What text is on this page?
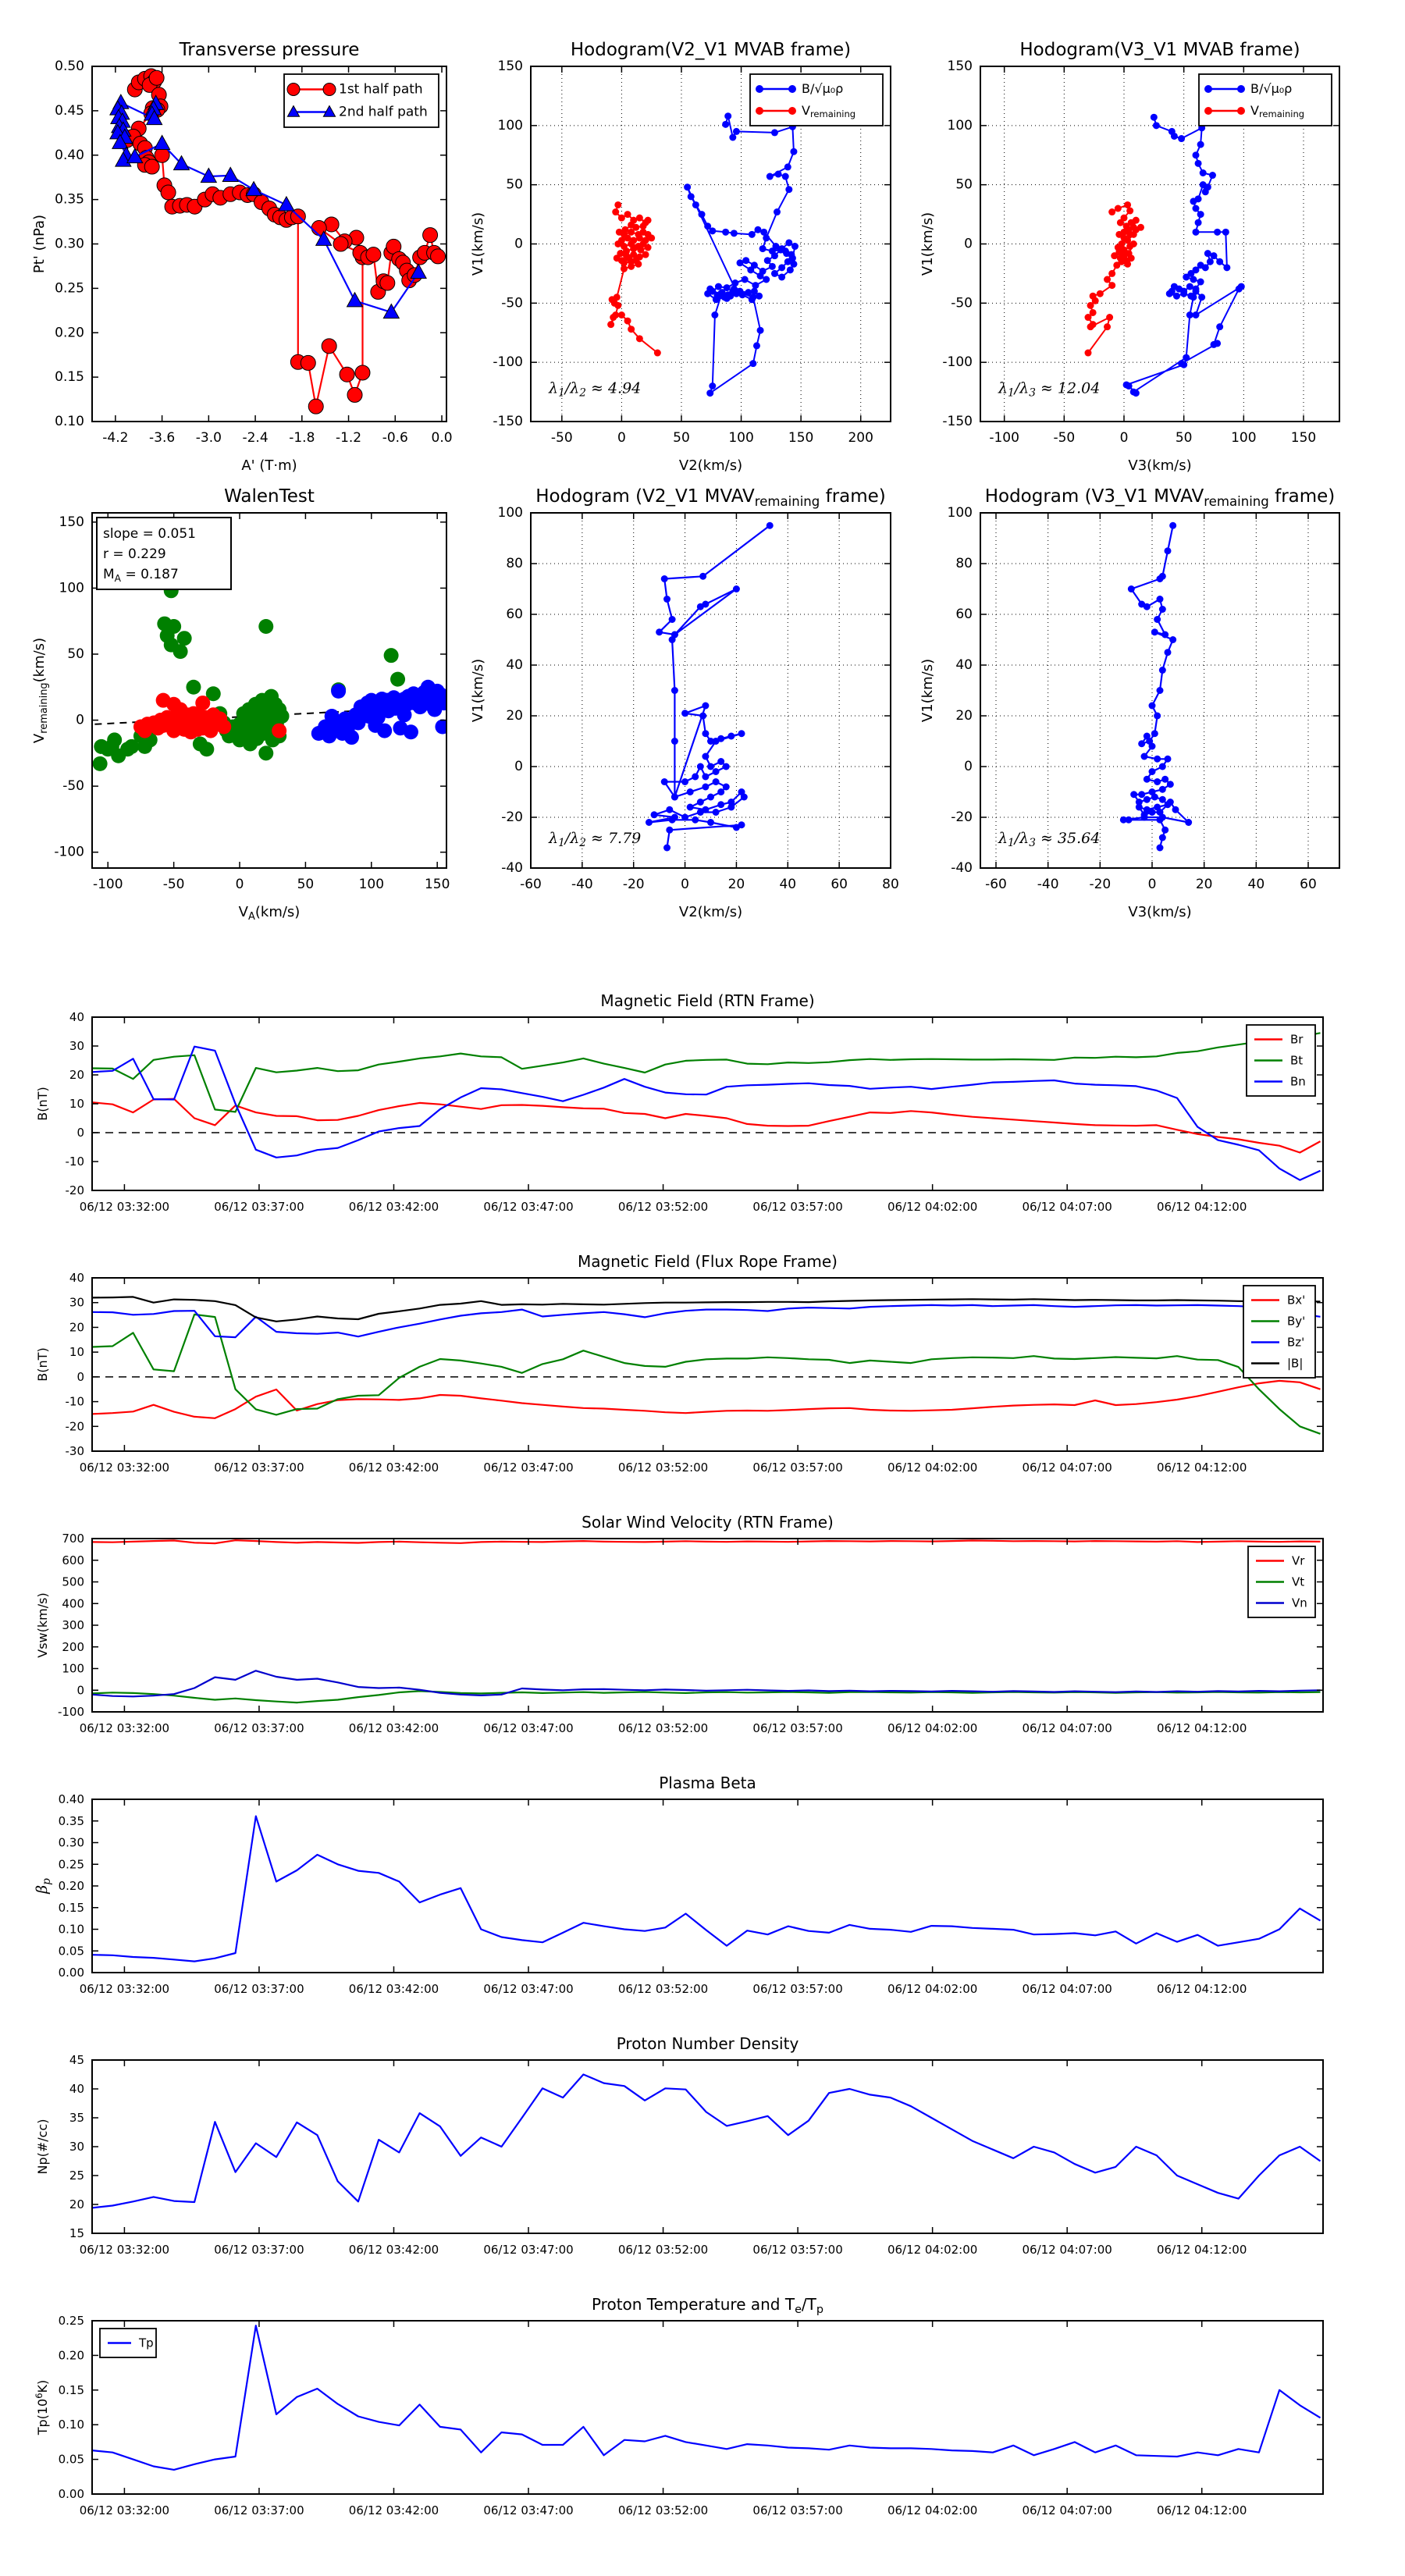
-4.2 -3.6 -3.0 -2.4 -1.8 -1.2 -0.6 0.0
0.10
0.15
0.20
0.25
0.30
0.35
0.40
0.45
0.50
Transverse pressure
A' (T·m)
Pt' (nPa)
1st half path
2nd half path
-50	0	50	100	150	200
-150
-100
-50
0
50
100
150
Hodogram(V2_V1 MVAB frame)
V2(km/s)
V1(km/s)
$\lambda_1/\lambda_2 \approx 4.94$
B/√μ₀ρ
$V_{remaining}$
-100	-50	0	50	100	150
-150
-100
-50
0
50
100
150
Hodogram(V3_V1 MVAB frame)
V3(km/s)
V1(km/s)
$\lambda_1/\lambda_3 \approx 12.04$
B/√μ₀ρ
$V_{remaining}$
-100	-50	0	50	100	150
-100
-50
0
50
100
150
WalenTest
$V_A(km/s)$
$V_{remaining}(km/s)$
slope = 0.051
r = 0.229
$M_A = 0.187$
-60 -40 -20	0	20	40	60	80
-40
-20
0
20
40
60
80
100
Hodogram (V2_V1 $MVAV_{remaining}$ frame)
V2(km/s)
V1(km/s)
$\lambda_1/\lambda_2 \approx 7.79$
-60 -40 -20	0	20	40	60
-40
-20
0
20
40
60
80
100
Hodogram (V3_V1 $MVAV_{remaining}$ frame)
V3(km/s)
V1(km/s)
$\lambda_1/\lambda_3 \approx 35.64$
06/12 03:32:00	06/12 03:37:00	06/12 03:42:00	06/12 03:47:00	06/12 03:52:00	06/12 03:57:00	06/12 04:02:00	06/12 04:07:00	06/12 04:12:00
-20
-10
0
10
20
30
40
Magnetic Field (RTN Frame)
B(nT)
Br
Bt
Bn
06/12 03:32:00	06/12 03:37:00	06/12 03:42:00	06/12 03:47:00	06/12 03:52:00	06/12 03:57:00	06/12 04:02:00	06/12 04:07:00	06/12 04:12:00
-30
-20
-10
0
10
20
30
40
Magnetic Field (Flux Rope Frame)
B(nT)
Bx'
By'
Bz'
|B|
06/12 03:32:00	06/12 03:37:00	06/12 03:42:00	06/12 03:47:00	06/12 03:52:00	06/12 03:57:00	06/12 04:02:00	06/12 04:07:00	06/12 04:12:00
-100
0
100
200
300
400
500
600
700
Solar Wind Velocity (RTN Frame)
Vsw(km/s)
Vr
Vt
Vn
06/12 03:32:00	06/12 03:37:00	06/12 03:42:00	06/12 03:47:00	06/12 03:52:00	06/12 03:57:00	06/12 04:02:00	06/12 04:07:00	06/12 04:12:00
0.00
0.05
0.10
0.15
0.20
0.25
0.30
0.35
0.40
Plasma Beta
$\beta_p$
06/12 03:32:00	06/12 03:37:00	06/12 03:42:00	06/12 03:47:00	06/12 03:52:00	06/12 03:57:00	06/12 04:02:00	06/12 04:07:00	06/12 04:12:00
15
20
25
30
35
40
45
Proton Number Density
Np(#/cc)
06/12 03:32:00	06/12 03:37:00	06/12 03:42:00	06/12 03:47:00	06/12 03:52:00	06/12 03:57:00	06/12 04:02:00	06/12 04:07:00	06/12 04:12:00
0.00
0.05
0.10
0.15
0.20
0.25
Proton Temperature and $T_e/T_p$
$Tp(10^6K)$
Tp
